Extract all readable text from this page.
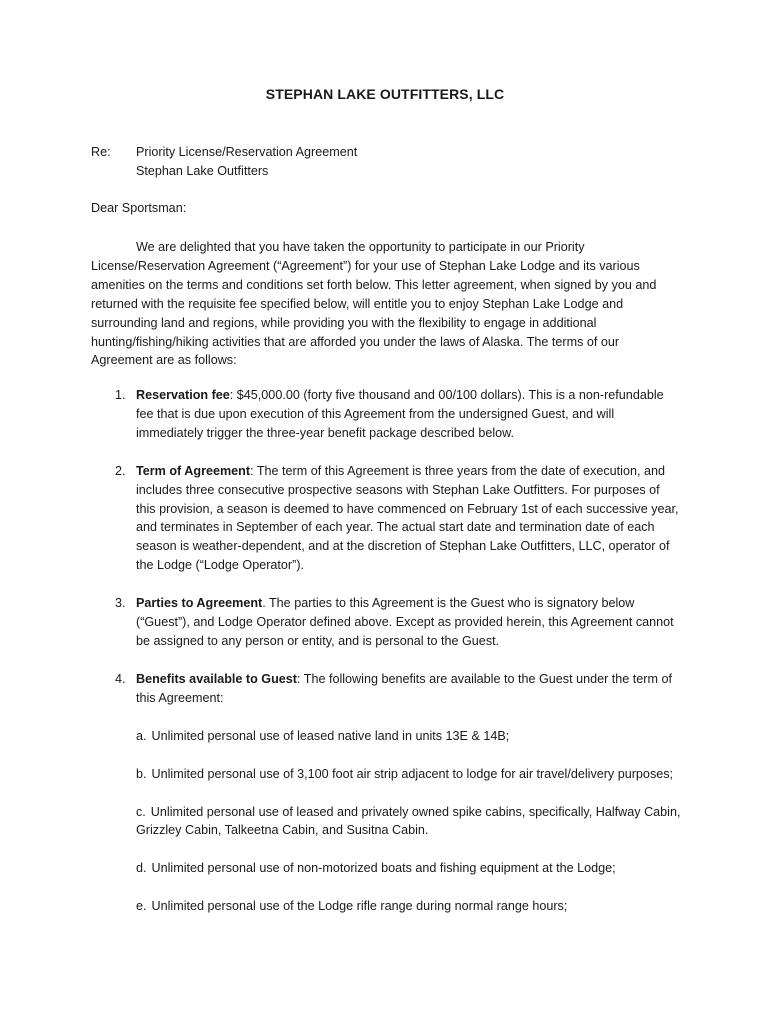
STEPHAN LAKE OUTFITTERS, LLC
Re:	Priority License/Reservation Agreement
Stephan Lake Outfitters
Dear Sportsman:

We are delighted that you have taken the opportunity to participate in our Priority License/Reservation Agreement (“Agreement”) for your use of Stephan Lake Lodge and its various amenities on the terms and conditions set forth below. This letter agreement, when signed by you and returned with the requisite fee specified below, will entitle you to enjoy Stephan Lake Lodge and surrounding land and regions, while providing you with the flexibility to engage in additional hunting/fishing/hiking activities that are afforded you under the laws of Alaska. The terms of our Agreement are as follows:

1. Reservation fee: $45,000.00 (forty five thousand and 00/100 dollars). This is a non-refundable fee that is due upon execution of this Agreement from the undersigned Guest, and will immediately trigger the three-year benefit package described below.
2. Term of Agreement: The term of this Agreement is three years from the date of execution, and includes three consecutive prospective seasons with Stephan Lake Outfitters. For purposes of this provision, a season is deemed to have commenced on February 1st of each successive year, and terminates in September of each year. The actual start date and termination date of each season is weather-dependent, and at the discretion of Stephan Lake Outfitters, LLC, operator of the Lodge (“Lodge Operator”).
3. Parties to Agreement. The parties to this Agreement is the Guest who is signatory below (“Guest”), and Lodge Operator defined above. Except as provided herein, this Agreement cannot be assigned to any person or entity, and is personal to the Guest.
4. Benefits available to Guest: The following benefits are available to the Guest under the term of this Agreement:
a. Unlimited personal use of leased native land in units 13E & 14B;
b. Unlimited personal use of 3,100 foot air strip adjacent to lodge for air travel/delivery purposes;
c. Unlimited personal use of leased and privately owned spike cabins, specifically, Halfway Cabin, Grizzley Cabin, Talkeetna Cabin, and Susitna Cabin.
d. Unlimited personal use of non-motorized boats and fishing equipment at the Lodge;
e. Unlimited personal use of the Lodge rifle range during normal range hours;
